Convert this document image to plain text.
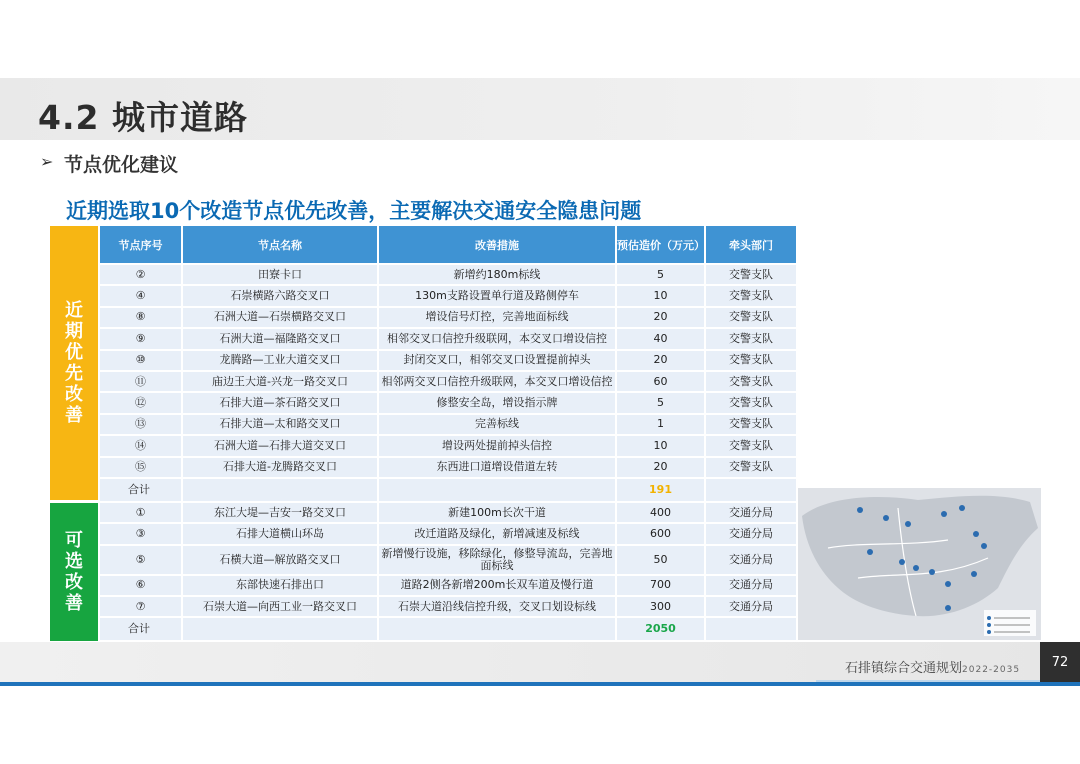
4.2 城市道路
➢ 节点优化建议
近期选取10个改造节点优先改善，主要解决交通安全隐患问题
近期优先改善
可选改善
节点序号	节点名称	改善措施	预估造价（万元）	牵头部门
②	田寮卡口	新增约180m标线	5	交警支队
④	石崇横路六路交叉口	130m支路设置单行道及路侧停车	10	交警支队
⑧	石洲大道—石崇横路交叉口	增设信号灯控，完善地面标线	20	交警支队
⑨	石洲大道—福隆路交叉口	相邻交叉口信控升级联网，本交叉口增设信控	40	交警支队
⑩	龙腾路—工业大道交叉口	封闭交叉口，相邻交叉口设置提前掉头	20	交警支队
⑪	庙边王大道-兴龙一路交叉口	相邻两交叉口信控升级联网，本交叉口增设信控	60	交警支队
⑫	石排大道—茶石路交叉口	修整安全岛，增设指示牌	5	交警支队
⑬	石排大道—太和路交叉口	完善标线	1	交警支队
⑭	石洲大道—石排大道交叉口	增设两处提前掉头信控	10	交警支队
⑮	石排大道-龙腾路交叉口	东西进口道增设借道左转	20	交警支队
合计			191	
①	东江大堤—吉安一路交叉口	新建100m长次干道	400	交通分局
③	石排大道横山环岛	改迁道路及绿化，新增减速及标线	600	交通分局
⑤	石横大道—解放路交叉口	新增慢行设施，移除绿化，修整导流岛，完善地面标线	50	交通分局
⑥	东部快速石排出口	道路2侧各新增200m长双车道及慢行道	700	交通分局
⑦	石崇大道—向西工业一路交叉口	石崇大道沿线信控升级，交叉口划设标线	300	交通分局
合计			2050	
石排镇综合交通规划2022-2035
72
